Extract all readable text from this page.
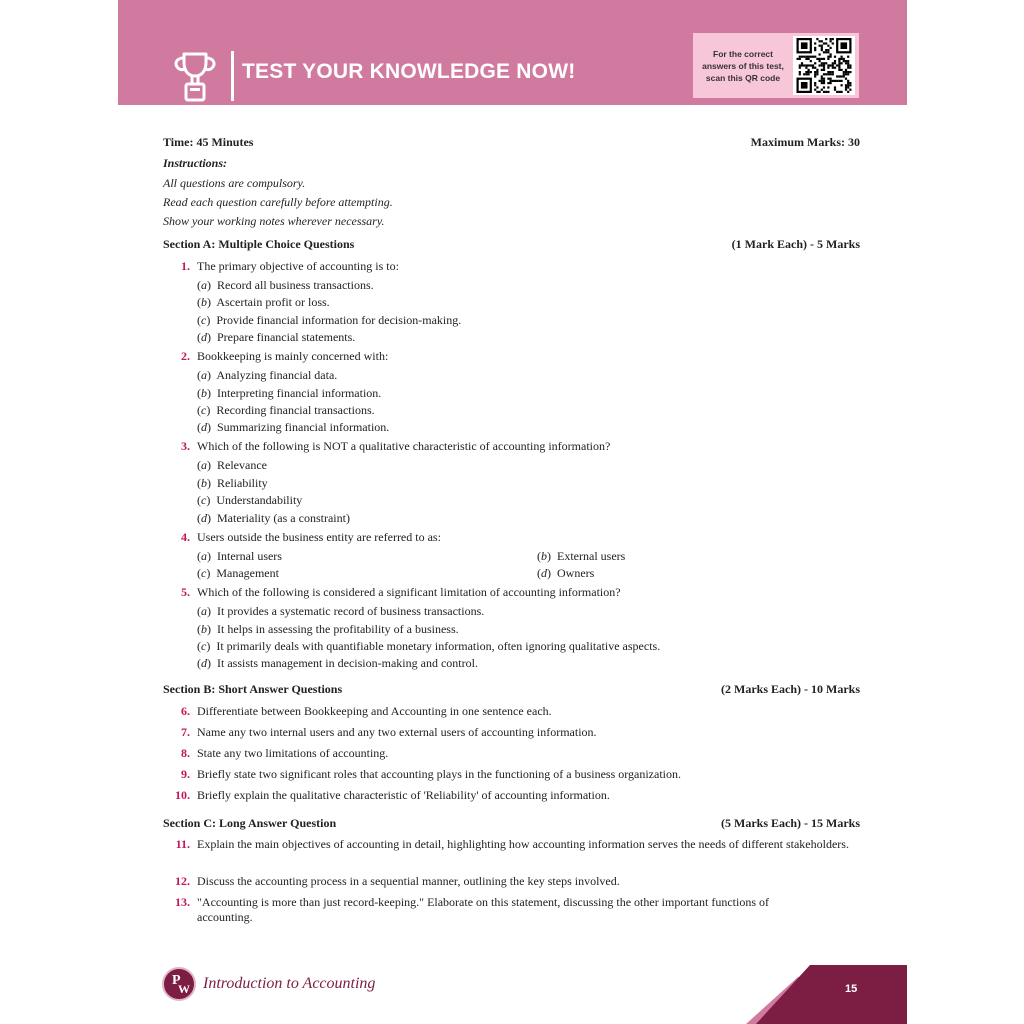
TEST YOUR KNOWLEDGE NOW!
For the correct answers of this test, scan this QR code
Time: 45 Minutes	Maximum Marks: 30
Instructions:
All questions are compulsory.
Read each question carefully before attempting.
Show your working notes wherever necessary.
Section A: Multiple Choice Questions	(1 Mark Each) - 5 Marks
1. The primary objective of accounting is to:
(a)  Record all business transactions.
(b)  Ascertain profit or loss.
(c)  Provide financial information for decision-making.
(d)  Prepare financial statements.
2. Bookkeeping is mainly concerned with:
(a)  Analyzing financial data.
(b)  Interpreting financial information.
(c)  Recording financial transactions.
(d)  Summarizing financial information.
3. Which of the following is NOT a qualitative characteristic of accounting information?
(a)  Relevance
(b)  Reliability
(c)  Understandability
(d)  Materiality (as a constraint)
4. Users outside the business entity are referred to as:
(a)  Internal users	(b)  External users
(c)  Management	(d)  Owners
5. Which of the following is considered a significant limitation of accounting information?
(a)  It provides a systematic record of business transactions.
(b)  It helps in assessing the profitability of a business.
(c)  It primarily deals with quantifiable monetary information, often ignoring qualitative aspects.
(d)  It assists management in decision-making and control.
Section B: Short Answer Questions	(2 Marks Each) - 10 Marks
6. Differentiate between Bookkeeping and Accounting in one sentence each.
7. Name any two internal users and any two external users of accounting information.
8. State any two limitations of accounting.
9. Briefly state two significant roles that accounting plays in the functioning of a business organization.
10. Briefly explain the qualitative characteristic of 'Reliability' of accounting information.
Section C: Long Answer Question	(5 Marks Each) - 15 Marks
11. Explain the main objectives of accounting in detail, highlighting how accounting information serves the needs of different stakeholders.
12. Discuss the accounting process in a sequential manner, outlining the key steps involved.
13. "Accounting is more than just record-keeping." Elaborate on this statement, discussing the other important functions of accounting.
P
W Introduction to Accounting	15
